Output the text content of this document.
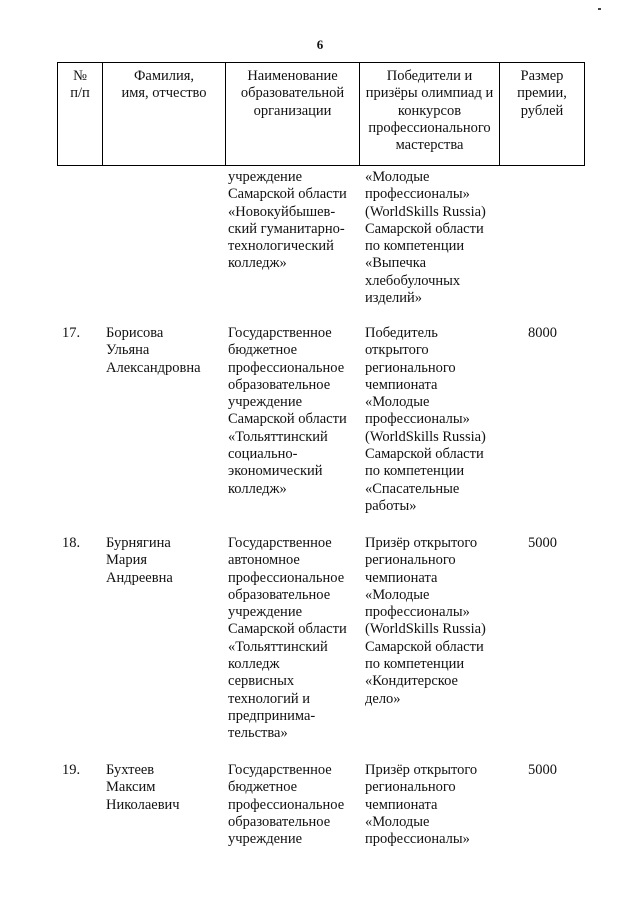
6
№
п/п
Фамилия,
имя, отчество
Наименование
образовательной
организации
Победители и
призёры олимпиад и
конкурсов
профессионального
мастерства
Размер
премии,
рублей
учреждение
Самарской области
«Новокуйбышев-
ский гуманитарно-
технологический
колледж»
«Молодые
профессионалы»
(WorldSkills Russia)
Самарской области
по компетенции
«Выпечка
хлебобулочных
изделий»
17. Борисова
Ульяна
Александровна
Государственное
бюджетное
профессиональное
образовательное
учреждение
Самарской области
«Тольяттинский
социально-
экономический
колледж»
Победитель
открытого
регионального
чемпионата
«Молодые
профессионалы»
(WorldSkills Russia)
Самарской области
по компетенции
«Спасательные
работы»
8000
18. Бурнягина
Мария
Андреевна
Государственное
автономное
профессиональное
образовательное
учреждение
Самарской области
«Тольяттинский
колледж
сервисных
технологий и
предпринима-
тельства»
Призёр открытого
регионального
чемпионата
«Молодые
профессионалы»
(WorldSkills Russia)
Самарской области
по компетенции
«Кондитерское
дело»
5000
19. Бухтеев
Максим
Николаевич
Государственное
бюджетное
профессиональное
образовательное
учреждение
Призёр открытого
регионального
чемпионата
«Молодые
профессионалы»
5000
